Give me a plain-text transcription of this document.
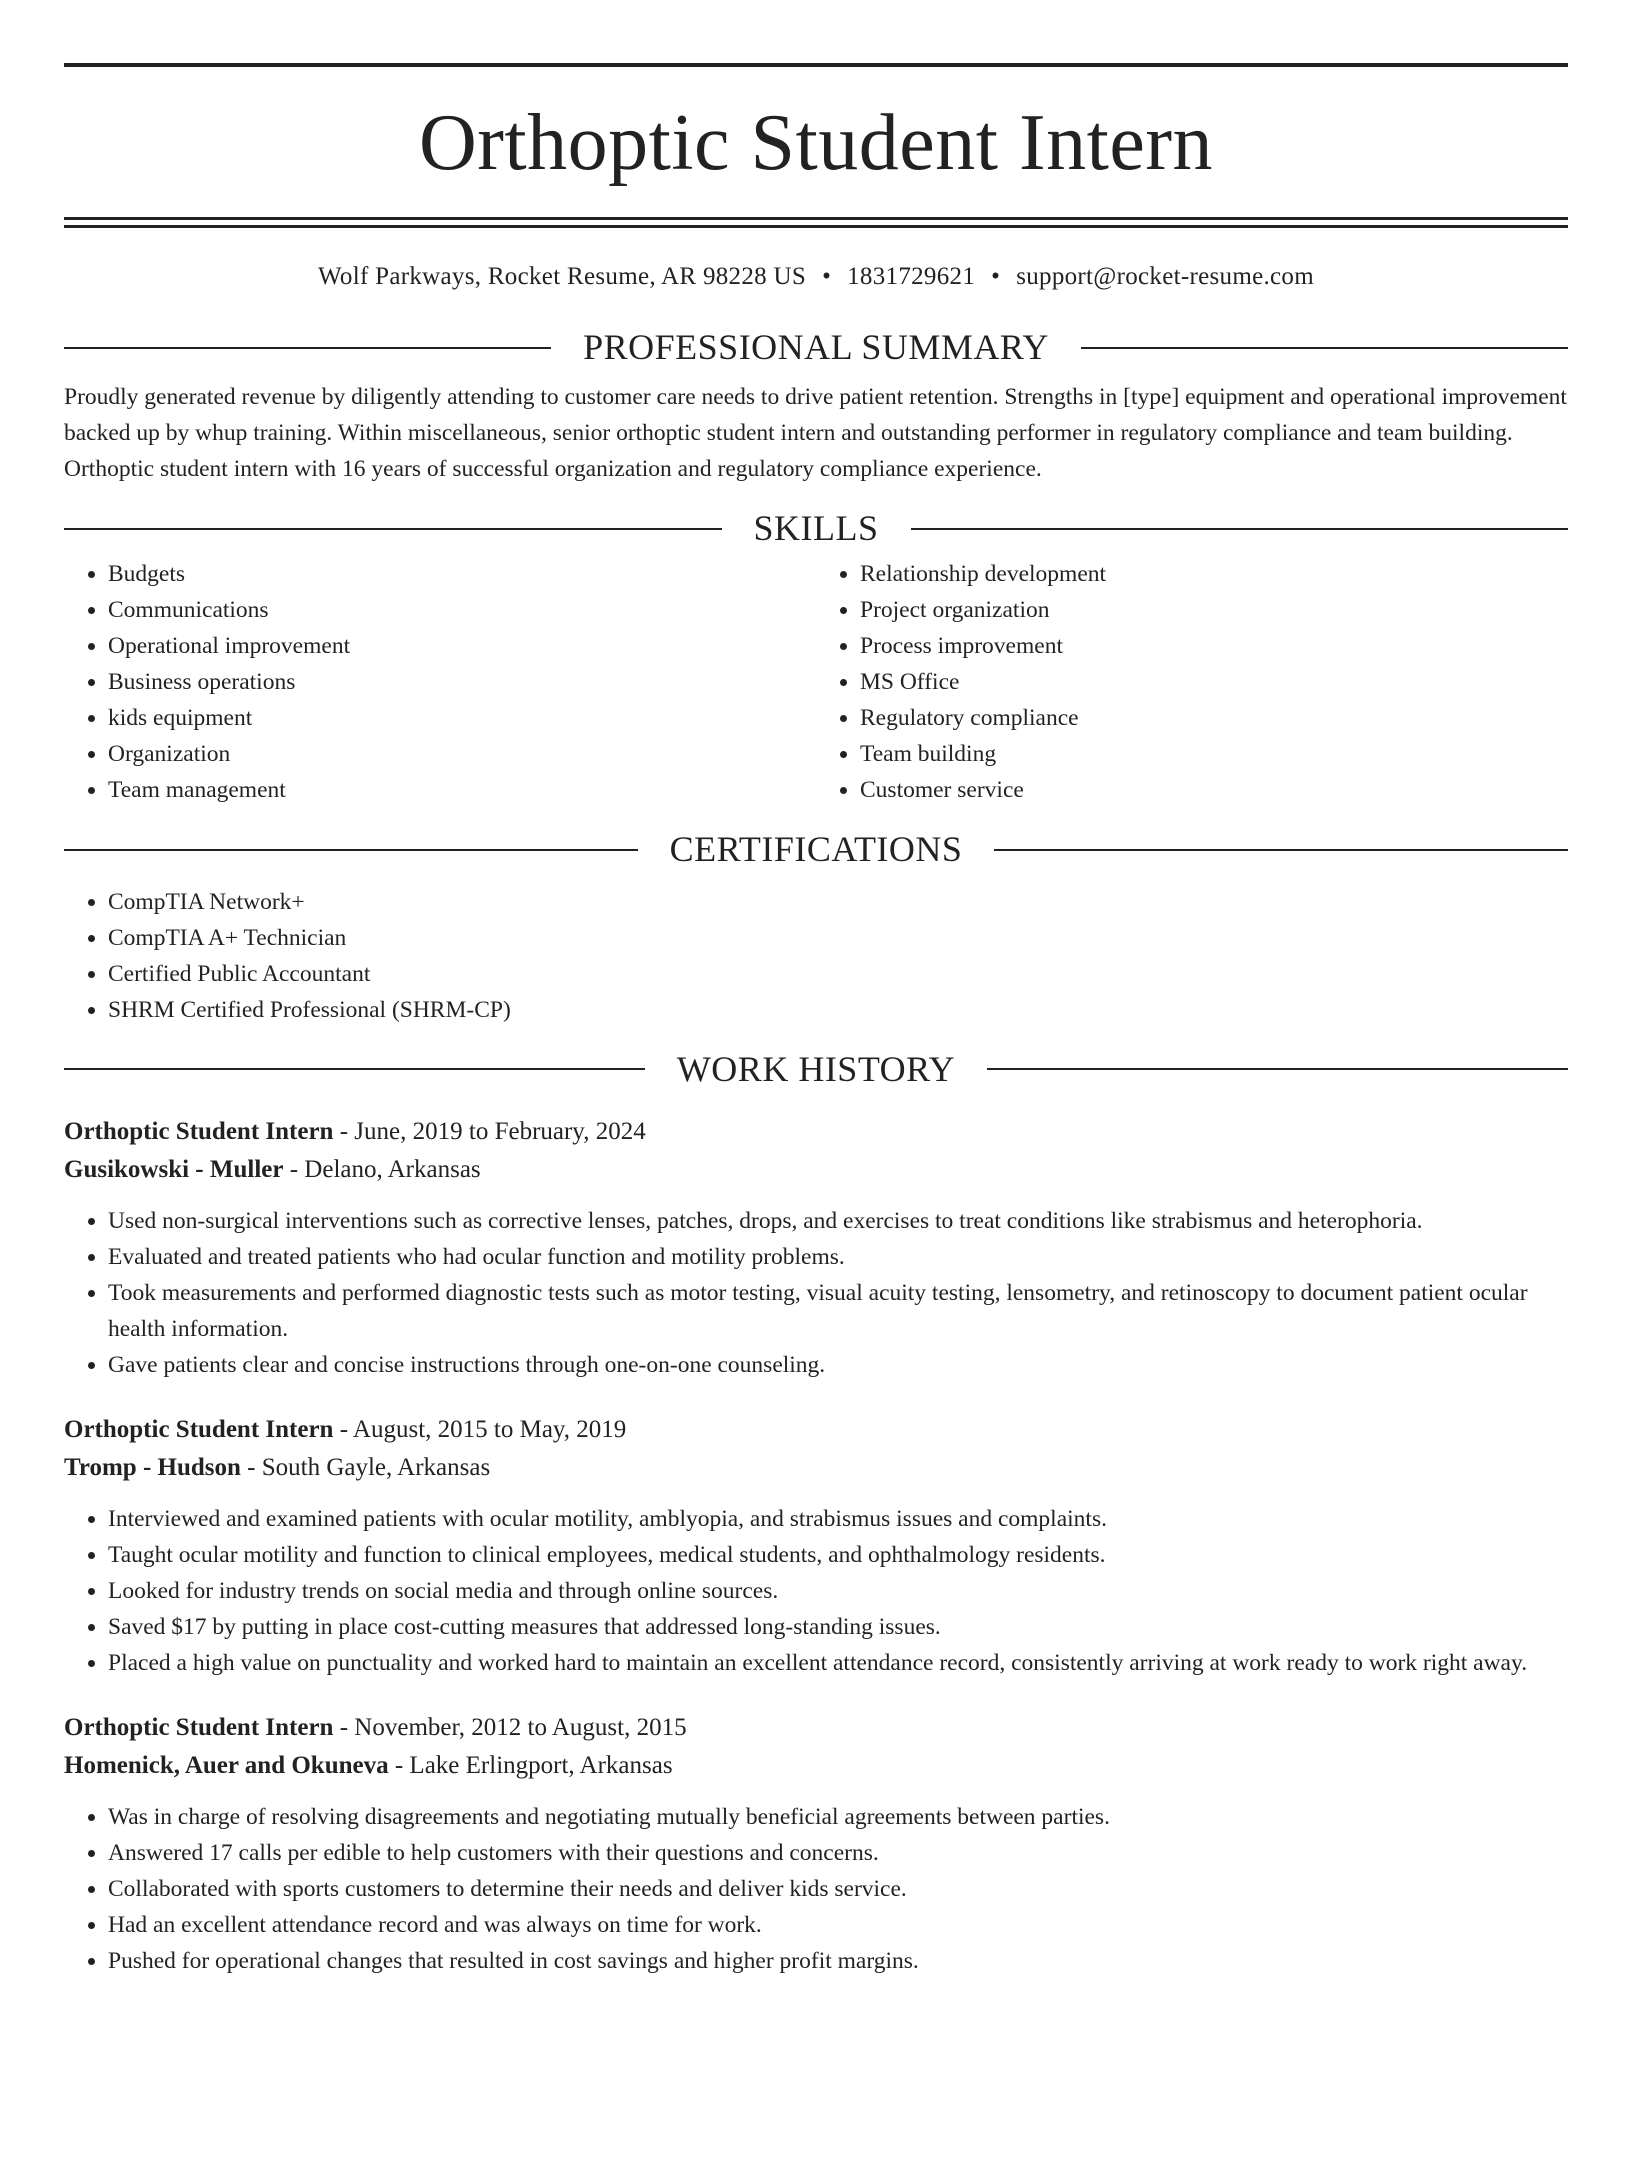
Orthoptic Student Intern
Wolf Parkways, Rocket Resume, AR 98228 US • 1831729621 • support@rocket-resume.com
PROFESSIONAL SUMMARY
Proudly generated revenue by diligently attending to customer care needs to drive patient retention. Strengths in [type] equipment and operational improvement backed up by whup training. Within miscellaneous, senior orthoptic student intern and outstanding performer in regulatory compliance and team building. Orthoptic student intern with 16 years of successful organization and regulatory compliance experience.
SKILLS
• Budgets
• Communications
• Operational improvement
• Business operations
• kids equipment
• Organization
• Team management
• Relationship development
• Project organization
• Process improvement
• MS Office
• Regulatory compliance
• Team building
• Customer service
CERTIFICATIONS
• CompTIA Network+
• CompTIA A+ Technician
• Certified Public Accountant
• SHRM Certified Professional (SHRM-CP)
WORK HISTORY
Orthoptic Student Intern - June, 2019 to February, 2024
Gusikowski - Muller - Delano, Arkansas
• Used non-surgical interventions such as corrective lenses, patches, drops, and exercises to treat conditions like strabismus and heterophoria.
• Evaluated and treated patients who had ocular function and motility problems.
• Took measurements and performed diagnostic tests such as motor testing, visual acuity testing, lensometry, and retinoscopy to document patient ocular health information.
• Gave patients clear and concise instructions through one-on-one counseling.
Orthoptic Student Intern - August, 2015 to May, 2019
Tromp - Hudson - South Gayle, Arkansas
• Interviewed and examined patients with ocular motility, amblyopia, and strabismus issues and complaints.
• Taught ocular motility and function to clinical employees, medical students, and ophthalmology residents.
• Looked for industry trends on social media and through online sources.
• Saved $17 by putting in place cost-cutting measures that addressed long-standing issues.
• Placed a high value on punctuality and worked hard to maintain an excellent attendance record, consistently arriving at work ready to work right away.
Orthoptic Student Intern - November, 2012 to August, 2015
Homenick, Auer and Okuneva - Lake Erlingport, Arkansas
• Was in charge of resolving disagreements and negotiating mutually beneficial agreements between parties.
• Answered 17 calls per edible to help customers with their questions and concerns.
• Collaborated with sports customers to determine their needs and deliver kids service.
• Had an excellent attendance record and was always on time for work.
• Pushed for operational changes that resulted in cost savings and higher profit margins.
